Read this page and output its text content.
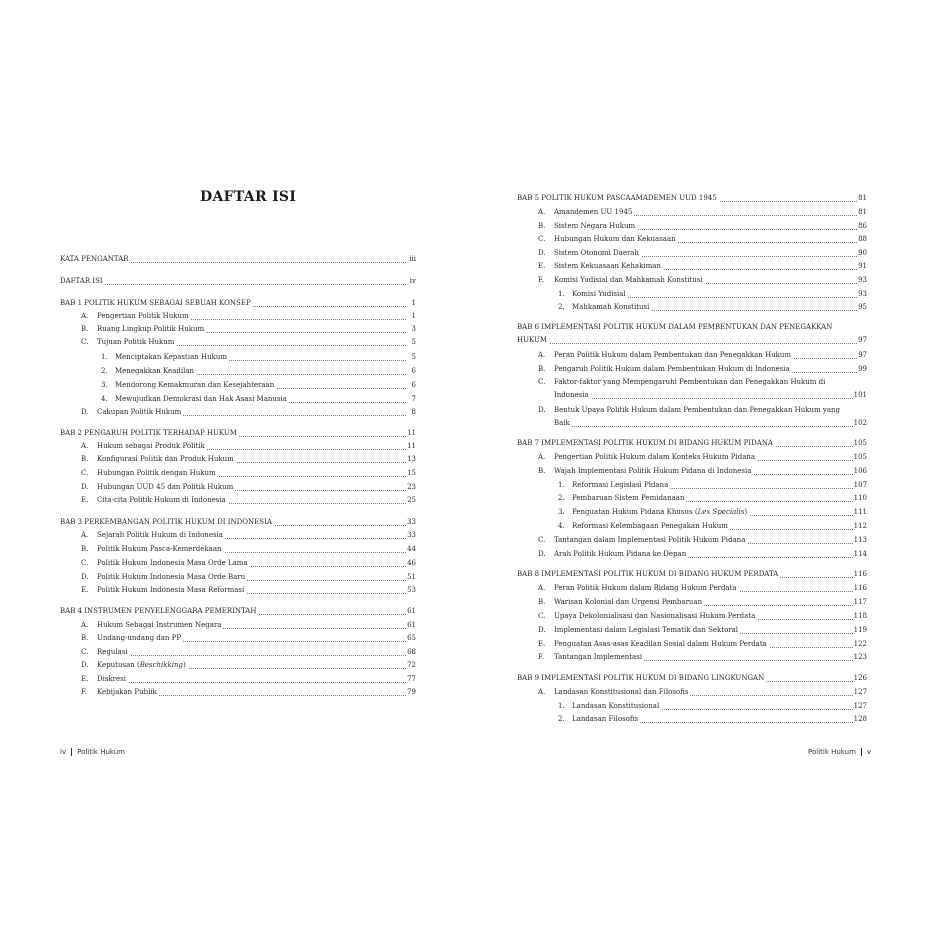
DAFTAR ISI
KATA PENGANTAR	iii
DAFTAR ISI	iv
BAB 1 POLITIK HUKUM SEBAGAI SEBUAH KONSEP	1
A.	Pengertian Politik Hukum	1
B.	Ruang Lingkup Politik Hukum	3
C.	Tujuan Politik Hukum	5
1.	Menciptakan Kepastian Hukum	5
2.	Menegakkan Keadilan	6
3.	Mendorong Kemakmuran dan Kesejahteraan	6
4.	Mewujudkan Demokrasi dan Hak Asasi Manusia	7
D.	Cakupan Politik Hukum	8
BAB 2 PENGARUH POLITIK TERHADAP HUKUM	11
A.	Hukum sebagai Produk Politik	11
B.	Konfigurasi Politik dan Produk Hukum	13
C.	Hubungan Politik dengan Hukum	15
D.	Hubungan UUD 45 dan Politik Hukum	23
E.	Cita-cita Politik Hukum di Indonesia	25
BAB 3 PERKEMBANGAN POLITIK HUKUM DI INDONESIA	33
A.	Sejarah Politik Hukum di Indonesia	33
B.	Politik Hukum Pasca-Kemerdekaan	44
C.	Politik Hukum Indonesia Masa Orde Lama	46
D.	Politik Hukum Indonesia Masa Orde Baru	51
E.	Politik Hukum Indonesia Masa Reformasi	53
BAB 4 INSTRUMEN PENYELENGGARA PEMERINTAH	61
A.	Hukum Sebagai Instrumen Negara	61
B.	Undang-undang dan PP	65
C.	Regulasi	68
D.	Keputusan (Beschikking)	72
E.	Diskresi	77
F.	Kebijakan Publik	79
BAB 5 POLITIK HUKUM PASCAAMADEMEN UUD 1945	81
A.	Amandemen UU 1945	81
B.	Sistem Negara Hukum	86
C.	Hubungan Hukum dan Kekuasaan	88
D.	Sistem Otonomi Daerah	90
E.	Sistem Kekuasaan Kehakiman	91
F.	Komisi Yudisial dan Mahkamah Konstitusi	93
1.	Komisi Yudisial	93
2.	Mahkamah Konstitusi	95
BAB 6 IMPLEMENTASI POLITIK HUKUM DALAM PEMBENTUKAN DAN PENEGAKKAN
HUKUM	97
A.	Peran Politik Hukum dalam Pembentukan dan Penegakkan Hukum	97
B.	Pengaruh Politik Hukum dalam Pembentukan Hukum di Indonesia	99
C.	Faktor-faktor yang Mempengaruhi Pembentukan dan Penegakkan Hukum di
Indonesia	101
D.	Bentuk Upaya Politik Hukum dalam Pembentukan dan Penegakkan Hukum yang
Baik	102
BAB 7 IMPLEMENTASI POLITIK HUKUM DI BIDANG HUKUM PIDANA	105
A.	Pengertian Politik Hukum dalam Konteks Hukum Pidana	105
B.	Wajah Implementasi Politik Hukum Pidana di Indonesia	106
1.	Reformasi Legislasi Pidana	107
2.	Pembaruan Sistem Pemidanaan	110
3.	Penguatan Hukum Pidana Khusus (Lex Specialis)	111
4.	Reformasi Kelembagaan Penegakan Hukum	112
C.	Tantangan dalam Implementasi Politik Hukum Pidana	113
D.	Arah Politik Hukum Pidana ke Depan	114
BAB 8 IMPLEMENTASI POLITIK HUKUM DI BIDANG HUKUM PERDATA	116
A.	Peran Politik Hukum dalam Bidang Hukum Perdata	116
B.	Warisan Kolonial dan Urgensi Pembaruan	117
C.	Upaya Dekolonialisasi dan Nasionalisasi Hukum Perdata	118
D.	Implementasi dalam Legislasi Tematik dan Sektoral	119
E.	Penguatan Asas-asas Keadilan Sosial dalam Hukum Perdata	122
F.	Tantangan Implementasi	123
BAB 9 IMPLEMENTASI POLITIK HUKUM DI BIDANG LINGKUNGAN	126
A.	Landasan Konstitusional dan Filosofis	127
1.	Landasan Konstitusional	127
2.	Landasan Filosofis	128
iv Politik Hukum	Politik Hukum v
